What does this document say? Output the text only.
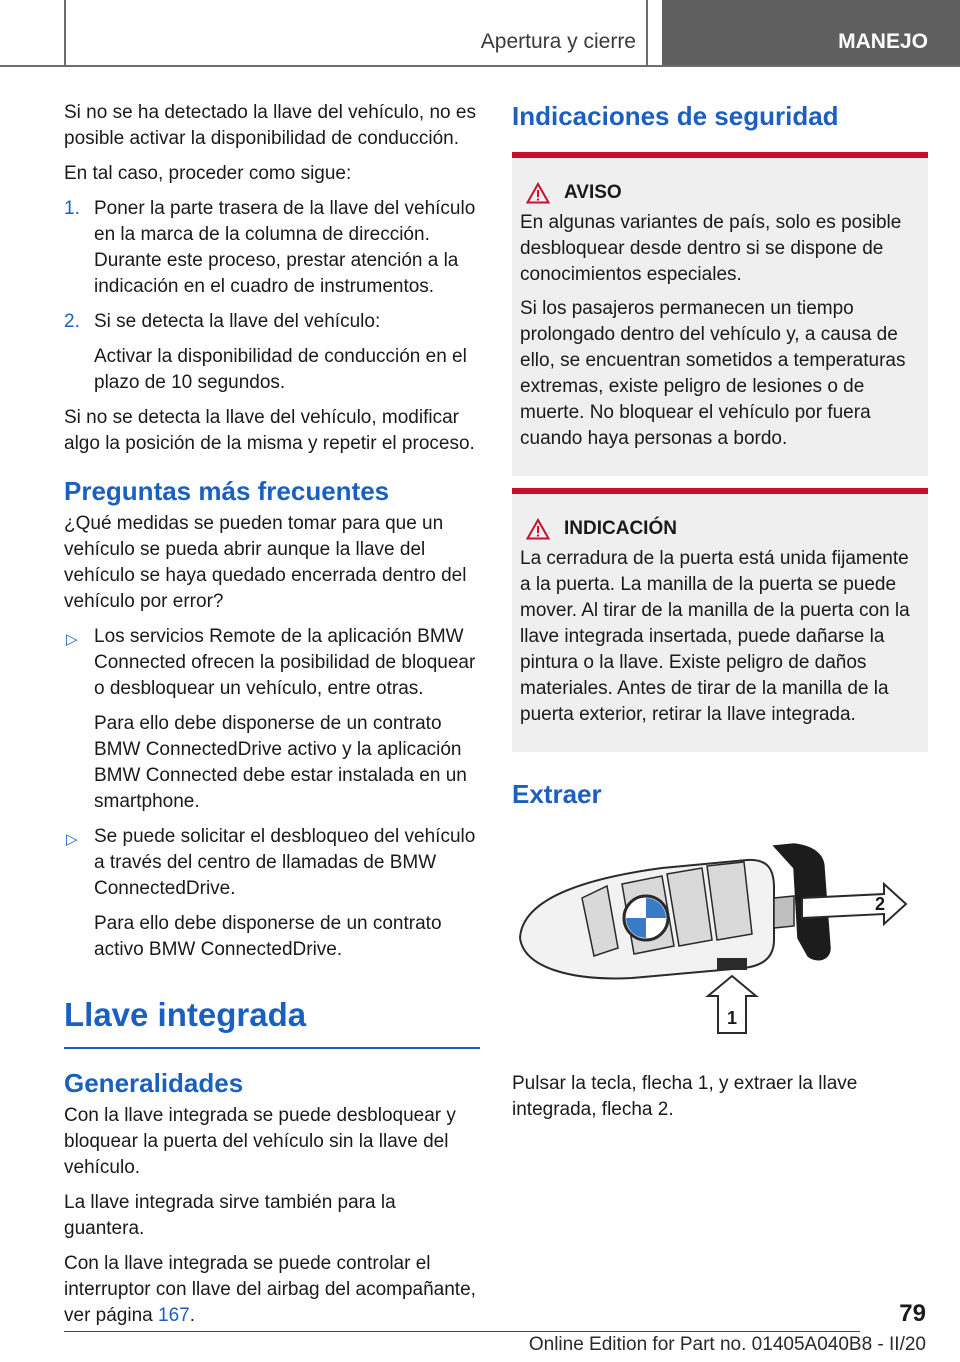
Apertura y cierre	MANEJO

Si no se ha detectado la llave del vehículo, no es posible activar la disponibilidad de conducción.

En tal caso, proceder como sigue:

1. Poner la parte trasera de la llave del vehículo en la marca de la columna de dirección. Durante este proceso, prestar atención a la indicación en el cuadro de instrumentos.

2. Si se detecta la llave del vehículo:

Activar la disponibilidad de conducción en el plazo de 10 segundos.

Si no se detecta la llave del vehículo, modificar algo la posición de la misma y repetir el proceso.

Preguntas más frecuentes

¿Qué medidas se pueden tomar para que un vehículo se pueda abrir aunque la llave del vehículo se haya quedado encerrada dentro del vehículo por error?

▷ Los servicios Remote de la aplicación BMW Connected ofrecen la posibilidad de bloquear o desbloquear un vehículo, entre otras.

Para ello debe disponerse de un contrato BMW ConnectedDrive activo y la aplicación BMW Connected debe estar instalada en un smartphone.

▷ Se puede solicitar el desbloqueo del vehículo a través del centro de llamadas de BMW ConnectedDrive.

Para ello debe disponerse de un contrato activo BMW ConnectedDrive.

Llave integrada
Generalidades

Con la llave integrada se puede desbloquear y bloquear la puerta del vehículo sin la llave del vehículo.

La llave integrada sirve también para la guantera.

Con la llave integrada se puede controlar el interruptor con llave del airbag del acompañante, ver página 167.

Indicaciones de seguridad
AVISO

En algunas variantes de país, solo es posible desbloquear desde dentro si se dispone de conocimientos especiales.

Si los pasajeros permanecen un tiempo prolongado dentro del vehículo y, a causa de ello, se encuentran sometidos a temperaturas extremas, existe peligro de lesiones o de muerte. No bloquear el vehículo por fuera cuando haya personas a bordo.

INDICACIÓN

La cerradura de la puerta está unida fijamente a la puerta. La manilla de la puerta se puede mover. Al tirar de la manilla de la puerta con la llave integrada insertada, puede dañarse la pintura o la llave. Existe peligro de daños materiales. Antes de tirar de la manilla de la puerta exterior, retirar la llave integrada.

Extraer
2
1

Pulsar la tecla, flecha 1, y extraer la llave integrada, flecha 2.

79
Online Edition for Part no. 01405A040B8 - II/20
